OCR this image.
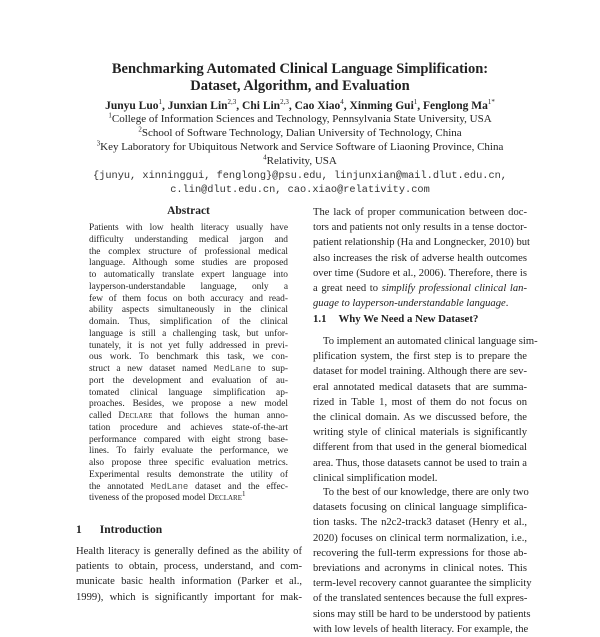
Benchmarking Automated Clinical Language Simplification:
Dataset, Algorithm, and Evaluation
Junyu Luo$^1$, Junxian Lin$^{2,3}$, Chi Lin$^{2,3}$, Cao Xiao$^4$, Xinming Gui$^1$, Fenglong $Ma^{1*}$
$^1$College of Information Sciences and Technology, Pennsylvania State University, USA
$^2$School of Software Technology, Dalian University of Technology, China
$^3$Key Laboratory for Ubiquitous Network and Service Software of Liaoning Province, China
$^4$Relativity, USA
{junyu, xinninggui, fenglong}@psu.edu, linjunxian@mail.dlut.edu.cn,
c.lin@dlut.edu.cn, cao.xiao@relativity.com
Abstract
Patients with low health literacy usually have
difficulty understanding medical jargon and
the complex structure of professional medical
language. Although some studies are proposed
to automatically translate expert language into
layperson-understandable language, only a
few of them focus on both accuracy and read-
ability aspects simultaneously in the clinical
domain. Thus, simplification of the clinical
language is still a challenging task, but unfor-
tunately, it is not yet fully addressed in previ-
ous work. To benchmark this task, we con-
struct a new dataset named MedLane to sup-
port the development and evaluation of au-
tomated clinical language simplification ap-
proaches. Besides, we propose a new model
called Declare that follows the human anno-
tation procedure and achieves state-of-the-art
performance compared with eight strong base-
lines. To fairly evaluate the performance, we
also propose three specific evaluation metrics.
Experimental results demonstrate the utility of
the annotated MedLane dataset and the effec-
tiveness of the proposed model Declare$^1$
1 Introduction
Health literacy is generally defined as the ability of
patients to obtain, process, understand, and com-
municate basic health information (Parker et al.,
1999), which is significantly important for mak-
The lack of proper communication between doc-
tors and patients not only results in a tense doctor-
patient relationship (Ha and Longnecker, 2010) but
also increases the risk of adverse health outcomes
over time (Sudore et al., 2006). Therefore, there is
a great need to simplify professional clinical lan-
guage to layperson-understandable language.
1.1 Why We Need a New Dataset?
To implement an automated clinical language sim-
plification system, the first step is to prepare the
dataset for model training. Although there are sev-
eral annotated medical datasets that are summa-
rized in Table 1, most of them do not focus on
the clinical domain. As we discussed before, the
writing style of clinical materials is significantly
different from that used in the general biomedical
area. Thus, those datasets cannot be used to train a
clinical simplification model.
To the best of our knowledge, there are only two
datasets focusing on clinical language simplifica-
tion tasks. The n2c2-track3 dataset (Henry et al.,
2020) focuses on clinical term normalization, i.e.,
recovering the full-term expressions for those ab-
breviations and acronyms in clinical notes. This
term-level recovery cannot guarantee the simplicity
of the translated sentences because the full expres-
sions may still be hard to be understood by patients
with low levels of health literacy. For example, the
